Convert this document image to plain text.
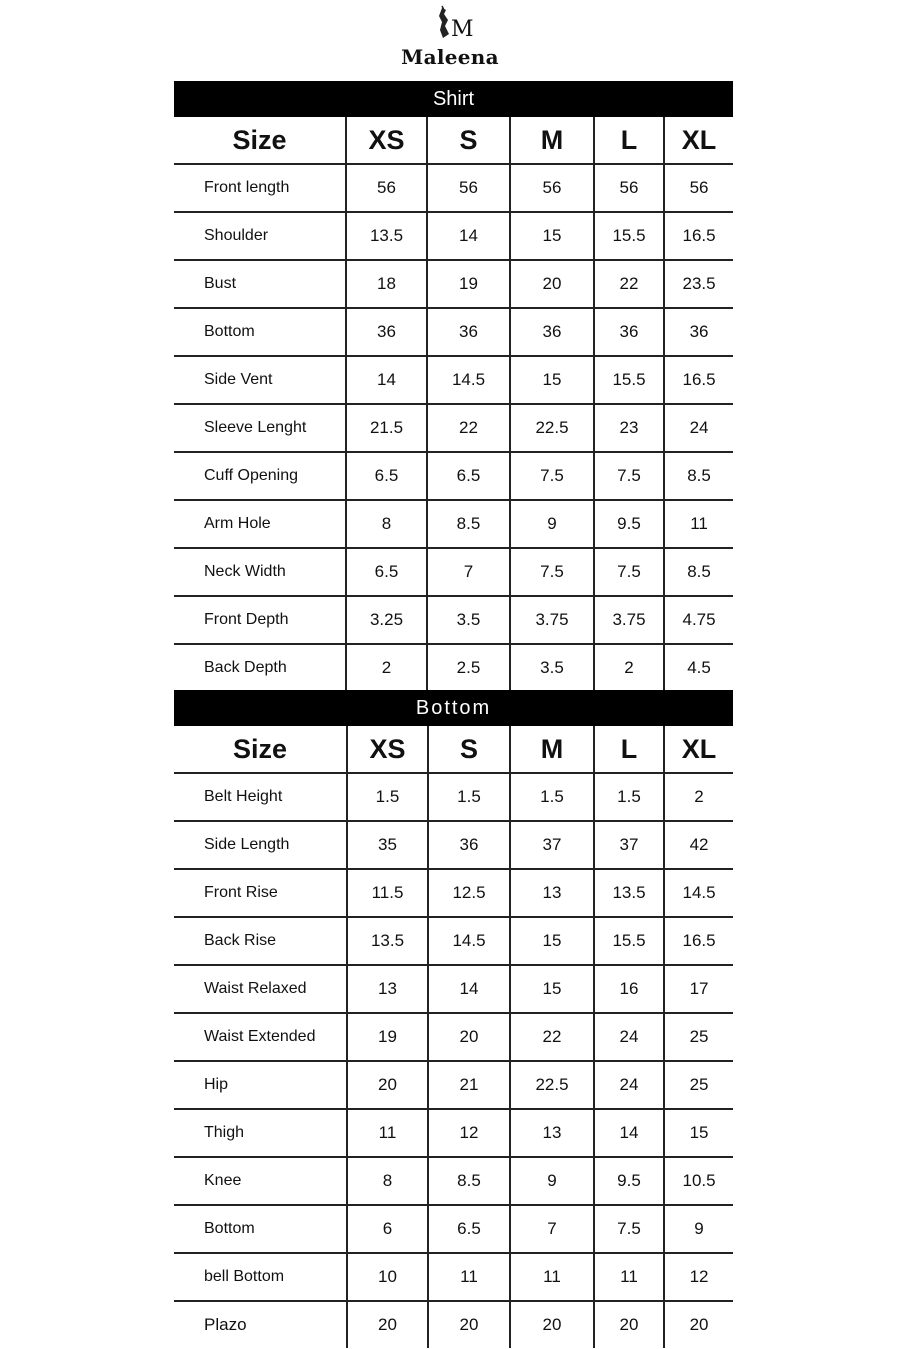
M
Maleena
Shirt					
Size	XS	S	M	L	XL
Front length	56	56	56	56	56
Shoulder	13.5	14	15	15.5	16.5
Bust	18	19	20	22	23.5
Bottom	36	36	36	36	36
Side Vent	14	14.5	15	15.5	16.5
Sleeve Lenght	21.5	22	22.5	23	24
Cuff Opening	6.5	6.5	7.5	7.5	8.5
Arm Hole	8	8.5	9	9.5	11
Neck Width	6.5	7	7.5	7.5	8.5
Front Depth	3.25	3.5	3.75	3.75	4.75
Back Depth	2	2.5	3.5	2	4.5
Bottom					
Size	XS	S	M	L	XL
Belt Height	1.5	1.5	1.5	1.5	2
Side Length	35	36	37	37	42
Front Rise	11.5	12.5	13	13.5	14.5
Back Rise	13.5	14.5	15	15.5	16.5
Waist Relaxed	13	14	15	16	17
Waist Extended	19	20	22	24	25
Hip	20	21	22.5	24	25
Thigh	11	12	13	14	15
Knee	8	8.5	9	9.5	10.5
Bottom	6	6.5	7	7.5	9
bell Bottom	10	11	11	11	12
Plazo	20	20	20	20	20
